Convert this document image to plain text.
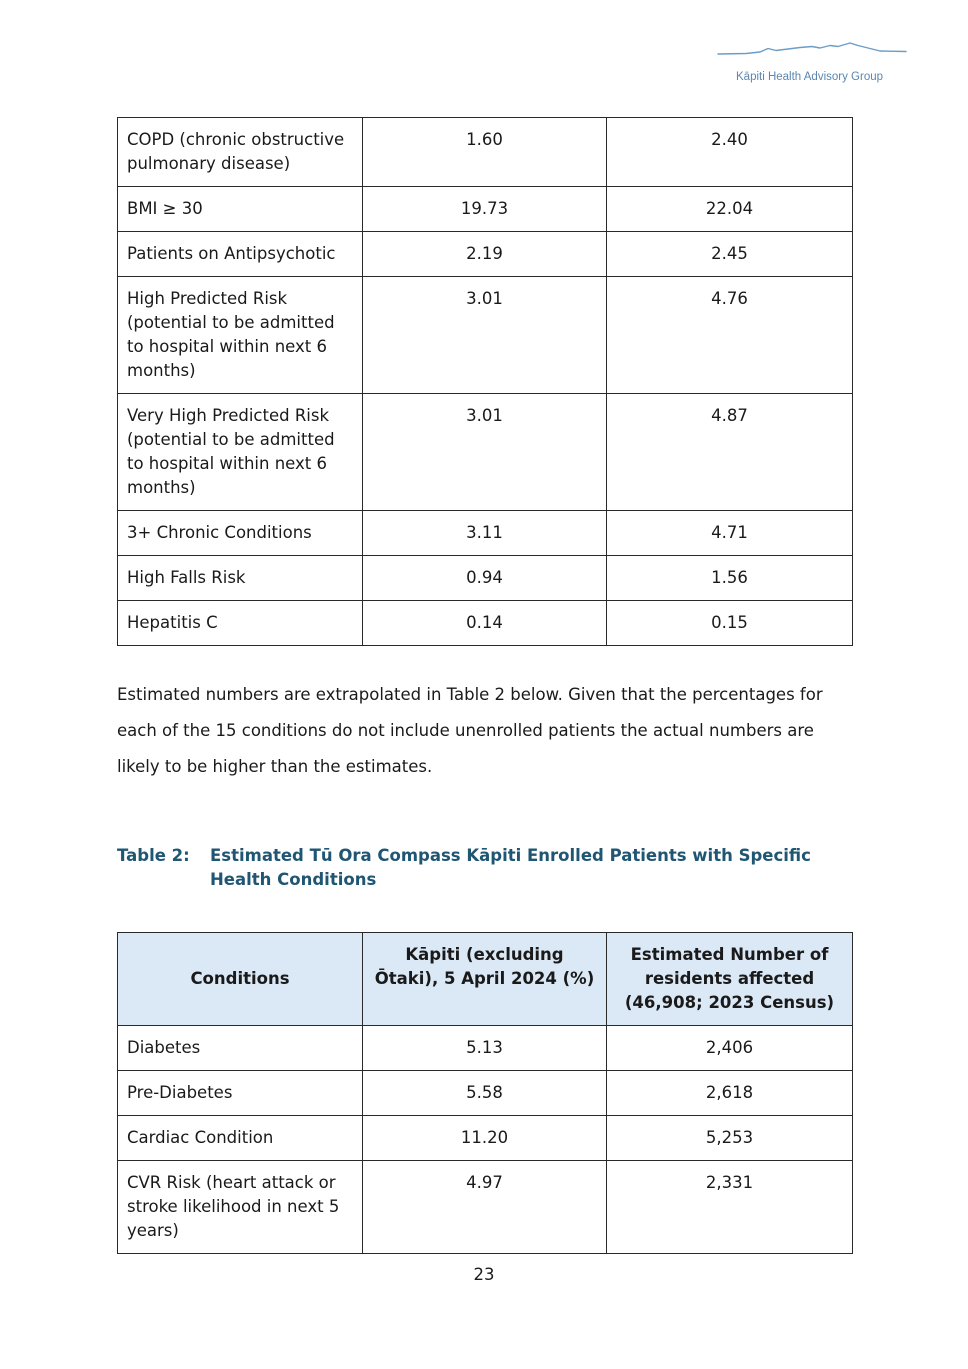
Kāpiti Health Advisory Group
COPD (chronic obstructive pulmonary disease)	1.60	2.40
BMI ≥ 30	19.73	22.04
Patients on Antipsychotic	2.19	2.45
High Predicted Risk (potential to be admitted to hospital within next 6 months)	3.01	4.76
Very High Predicted Risk (potential to be admitted to hospital within next 6 months)	3.01	4.87
3+ Chronic Conditions	3.11	4.71
High Falls Risk	0.94	1.56
Hepatitis C	0.14	0.15

Estimated numbers are extrapolated in Table 2 below. Given that the percentages for each of the 15 conditions do not include unenrolled patients the actual numbers are likely to be higher than the estimates.

Table 2: Estimated Tū Ora Compass Kāpiti Enrolled Patients with Specific Health Conditions
Conditions	Kāpiti (excluding Ōtaki), 5 April 2024 (%)	Estimated Number of residents affected (46,908; 2023 Census)
Diabetes	5.13	2,406
Pre-Diabetes	5.58	2,618
Cardiac Condition	11.20	5,253
CVR Risk (heart attack or stroke likelihood in next 5 years)	4.97	2,331
23
